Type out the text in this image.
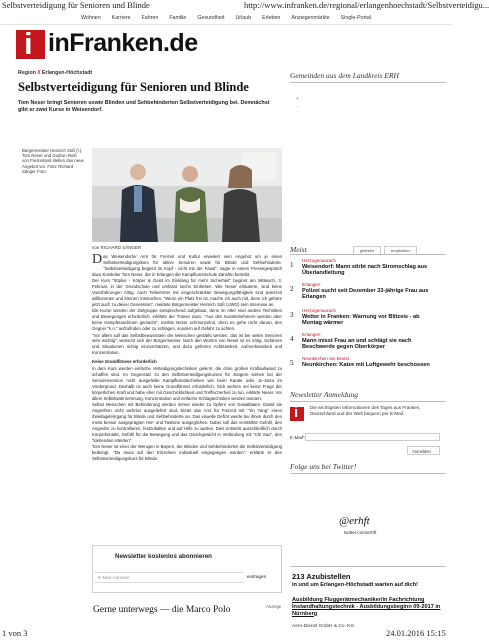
Selbstverteidigung für Senioren und Blinde	http://www.infranken.de/regional/erlangenhoechstadt/Selbstverteidigu...
Wohnen Karriere Fahren Familie Gesundheit Urlaub Erleben Anzeigenmärkte Single-Portal
i
inFranken.de
Region // Erlangen-Höchstadt
Selbstverteidigung für Senioren und Blinde
Tom Neser bringt Senioren sowie Blinden und Sehbehinderten Selbstverteidigung bei. Demnächst gibt er zwei Kurse in Weisendorf.
Bürgermeister Heinrich Süß (l.), Tom Neser und Gudrun Reiß von Freizeitamt stellen das neue Angebot vor. Foto: Richard Sänger Foto:
von RICHARD SÄNGER

Das Weisendorfer Amt für Freizeit und Kultur erweitert sein Angebot um je einen Selbstverteidigungskurs für aktive Senioren sowie für Blinde und Sehbehinderte. "Selbstverteidigung beginnt im Kopf - nicht mit der Faust", sagte in einem Pressegespräch dazu Kursleiter Tom Neser, der in Erlangen die Kampfkunstschule Zanshin betreibt.

Der Kurs "50plus - Körper & Geist im Einklang für mehr Sicherheit" beginnt am Mittwoch, 3. Februar, in der Grundschule und umfasst sechs Einheiten. Wie Neser erläuterte, sind keine Vorerfahrungen nötig. Auch Teilnehmer mit eingeschränkter Bewegungsfähigkeit sind jederzeit willkommen und können mitmachen. "Wenn ein Platz frei ist, mache ich auch mit, denn ich gehöre jetzt auch zu dieser Generation", meldete Bürgermeister Heinrich Süß (UWG) sein Interesse an.

Die Kurse werden der Zielgruppe entsprechend aufgebaut, denn im Alter sind andere Techniken und Bewegungen erforderlich, erklärte der Trainer dazu. "Aus den Kunstelnehmern werden aber keine Kampfmaschinen gemacht", merkte Neser schmunzelnd, denn es gehe nicht darum, den Gegner "k.o." aufzufinden oder zu schlagen, sondern auf Gefahr zu achten.

"Vor allem soll das Selbstbewusstsein der Menschen gestärkt werden, das ist bei vielen Senioren sehr wichtig", wünscht sich der Bürgermeister. Nach den Worten von Neser ist es nötig, Gefahren und Situationen richtig einzuschätzen, und dazu gehören Achtsamkeit, Aufmerksamkeit und Konzentration.

Keine Grundfitness erforderlich

In dem Kurs werden einfache Verteidigungstechniken gelernt, die ohne großen Kraftaufwand zu schaffen sind. Im Gegensatz zu den Selbstverteidigungskursen für Jüngere stehen bei der Seniorenversion nicht ausgefeilte Kampfkunsttechniken wie beim Karate oder Ju-Jutsu im Vordergrund. Deshalb ist auch keine Grundfitness erforderlich. Sich wehren sei keine Frage der körperlichen Kraft und habe eher mit Geschicklichkeit und Treffsicherheit zu tun, erklärte Neser. Vor allem Selbstwahrnehmung, Konzentration und einfache Schlagtechniken werden trainiert.

Selbst Menschen mit Behinderung werden immer wieder zu Opfern von Gewalttaten. Damit sie Angreifern nicht wehrlos ausgeliefert sind, bietet das Amt für Freizeit mit "Yin Yang" einen Zweitagelehrgang für Blinde und Sehbehinderte an. Das visuelle Defizit werde bei ihnen durch den meist besser ausgeprägten Hör- und Tastsinn ausgeglichen. Dabei soll das verstärkte Gefühl, den Angreifer zu kontrollieren, festzuhalten und auf Hilfe zu warten. Dies entsteht ausschließlich durch Körperkontakt, Gefühl für die Bewegung und das Gleichgewicht in Verbindung mit "Chi Sao", den "klebenden Händen".

Tom Neser ist einer der Wenigen in Bayern, der Blinden und Sehbehinderten die Selbstverteidigung beibringt. "Da muss auf den Einzelnen individuell eingegangen werden", erklärte er den Selbstverteidigungskurs für Blinde.

Newsletter kostenlos abonnieren
E-Mail-Adresse	eintragen
Gerne unterwegs — die Marco Polo	Anzeige
Gemeinden aus dem Landkreis ERH
+
-
Meist	gelesen	empfohlen
1
Herzogenaurach
Weisendorf: Mann stirbt nach Stromschlag aus Überlandleitung
2
Erlangen
Polizei sucht seit Dezember 33-jährige Frau aus Erlangen
3
Herzogenaurach
Wetter in Franken: Warnung vor Blitzeis - ab Montag wärmer
4
Erlangen
Mann misst Frau an und schlägt sie nach Beschwerde gegen Oberkörper
5
Neunkirchen am Brand
Neunkirchen: Katze mit Luftgewehr beschossen
Newsletter Anmeldung
i
Die wichtigsten Informationen des Tages aus Franken, Deutschland und der Welt bequem per E-Mail:
E-Mail*
Anmelden
Folge uns bei Twitter!
@erhft
twitter.com/erhft
213 Azubistellen
in und um Erlangen-Höchstadt warten auf dich!
Ausbildung Fluggerätmechaniker/in Fachrichtung Instandhaltungstechnik - Ausbildungsbeginn 09-2017 in Nürnberg
Aero-Dienst GmbH & Co. KG
1 von 3	24.01.2016 15:15
